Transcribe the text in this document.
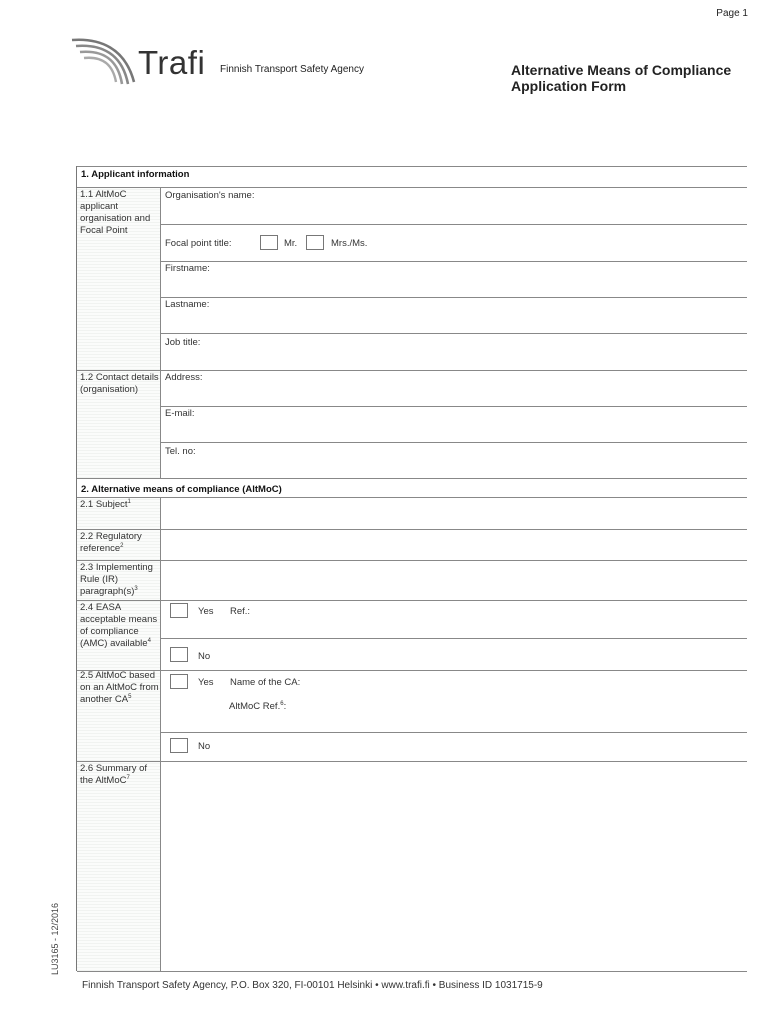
Page 1
Trafi Finnish Transport Safety Agency	Alternative Means of Compliance
Application Form
LU3165 - 12/2016
1. Applicant information
1.1 AltMoC applicant organisation and Focal Point
Organisation's name:
Focal point title:	Mr.	Mrs./Ms.
Firstname:
Lastname:
Job title:
1.2 Contact details (organisation)
Address:
E-mail:
Tel. no:
2. Alternative means of compliance (AltMoC)
2.1 Subject$^1$
2.2 Regulatory reference$^2$
2.3 Implementing Rule (IR) $paragraph(s)^3$
2.4 EASA acceptable means of compliance (AMC) available$^4$
Yes Ref.:
No
2.5 AltMoC based on an AltMoC from another $CA^5$
Yes Name of the CA:
AltMoC Ref.$^6$:
No
2.6 Summary of the AltMoC$^7$
Finnish Transport Safety Agency, P.O. Box 320, FI-00101 Helsinki • www.trafi.fi • Business ID 1031715-9
